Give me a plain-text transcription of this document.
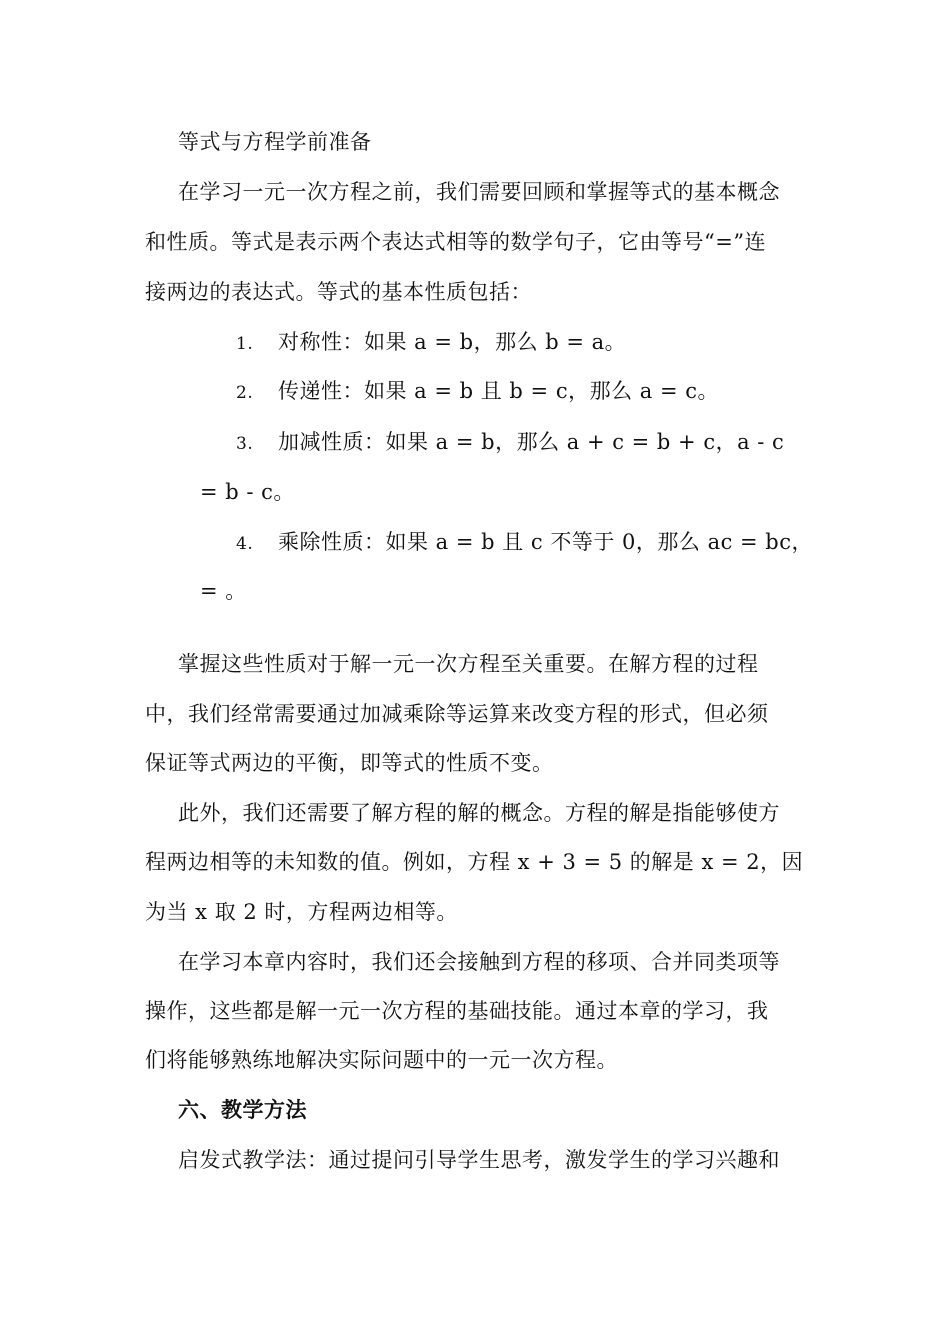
等式与方程学前准备
在学习一元一次方程之前，我们需要回顾和掌握等式的基本概念
和性质。等式是表示两个表达式相等的数学句子，它由等号“=”连
接两边的表达式。等式的基本性质包括：
1. 对称性：如果 a = b，那么 b = a。
2. 传递性：如果 a = b 且 b = c，那么 a = c。
3. 加减性质：如果 a = b，那么 a + c = b + c，a - c
= b - c。
4. 乘除性质：如果 a = b 且 c 不等于 0，那么 ac = bc，
= 。
掌握这些性质对于解一元一次方程至关重要。在解方程的过程
中，我们经常需要通过加减乘除等运算来改变方程的形式，但必须
保证等式两边的平衡，即等式的性质不变。
此外，我们还需要了解方程的解的概念。方程的解是指能够使方
程两边相等的未知数的值。例如，方程 x + 3 = 5 的解是 x = 2，因
为当 x 取 2 时，方程两边相等。
在学习本章内容时，我们还会接触到方程的移项、合并同类项等
操作，这些都是解一元一次方程的基础技能。通过本章的学习，我
们将能够熟练地解决实际问题中的一元一次方程。
六、教学方法
启发式教学法：通过提问引导学生思考，激发学生的学习兴趣和
